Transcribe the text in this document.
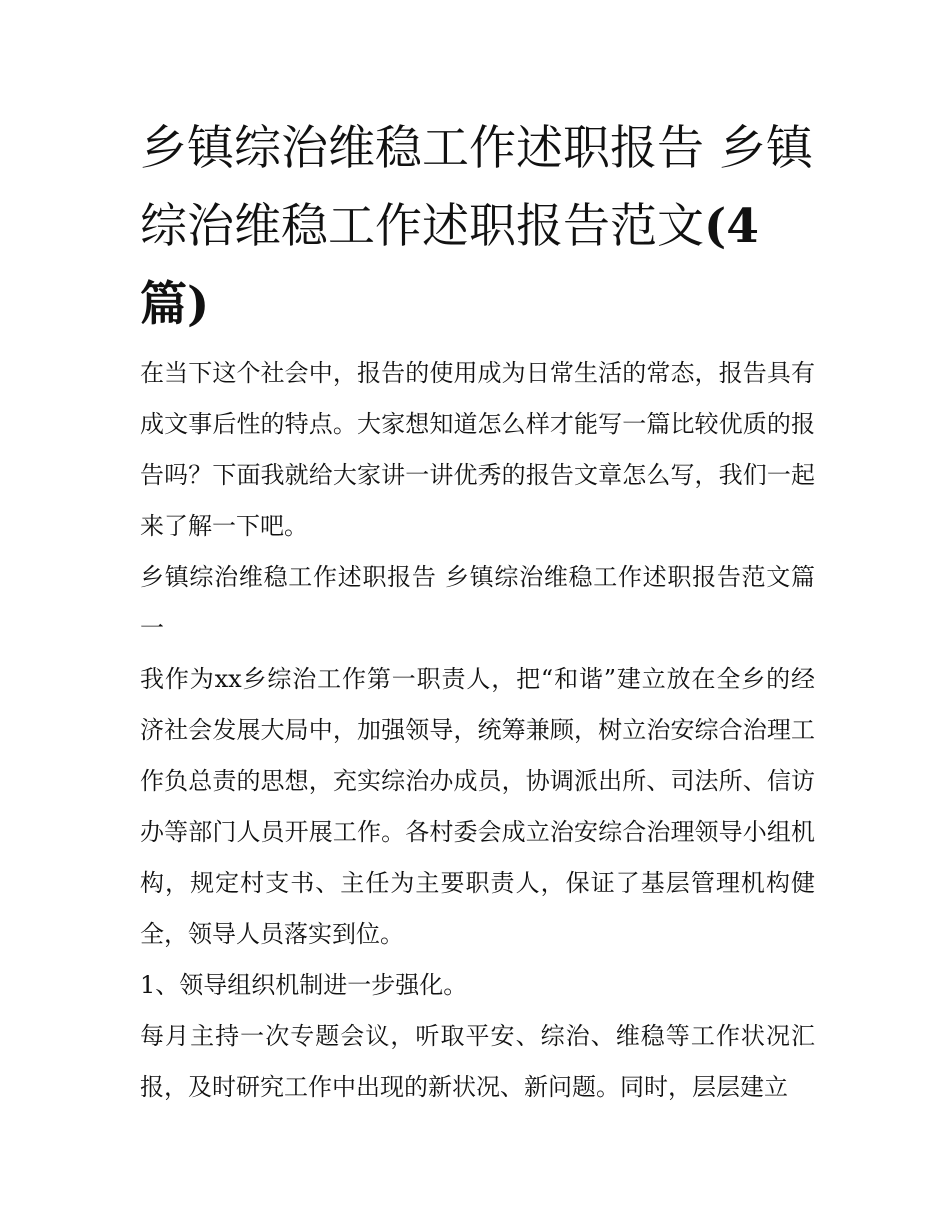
乡镇综治维稳工作述职报告 乡镇综治维稳工作述职报告范文(4篇)

在当下这个社会中，报告的使用成为日常生活的常态，报告具有成文事后性的特点。大家想知道怎么样才能写一篇比较优质的报告吗？下面我就给大家讲一讲优秀的报告文章怎么写，我们一起来了解一下吧。

乡镇综治维稳工作述职报告 乡镇综治维稳工作述职报告范文篇一

我作为xx乡综治工作第一职责人，把“和谐”建立放在全乡的经济社会发展大局中，加强领导，统筹兼顾，树立治安综合治理工作负总责的思想，充实综治办成员，协调派出所、司法所、信访办等部门人员开展工作。各村委会成立治安综合治理领导小组机构，规定村支书、主任为主要职责人，保证了基层管理机构健全，领导人员落实到位。

1、领导组织机制进一步强化。

每月主持一次专题会议，听取平安、综治、维稳等工作状况汇报，及时研究工作中出现的新状况、新问题。同时，层层建立
